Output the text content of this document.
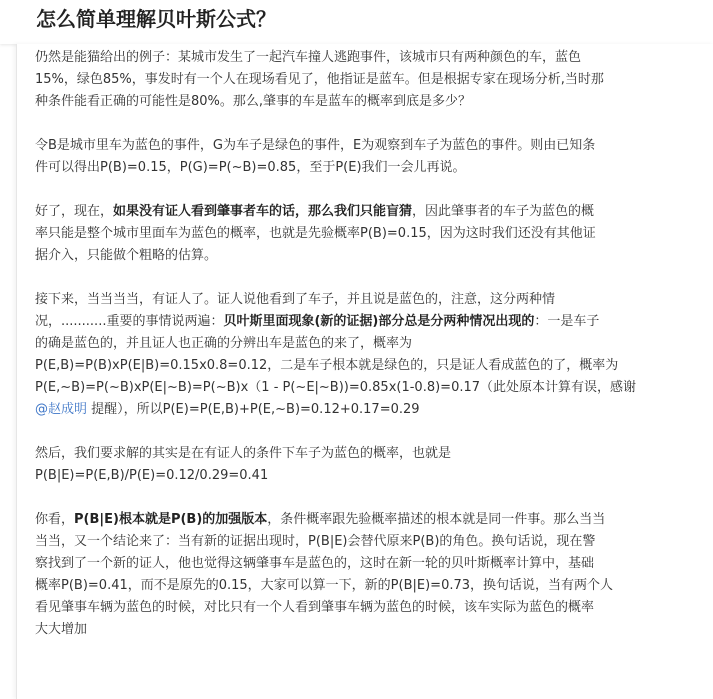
怎么简单理解贝叶斯公式？

仍然是能猫给出的例子：某城市发生了一起汽车撞人逃跑事件，该城市只有两种颜色的车，蓝色
15%，绿色85%，事发时有一个人在现场看见了，他指证是蓝车。但是根据专家在现场分析,当时那
种条件能看正确的可能性是80%。那么,肇事的车是蓝车的概率到底是多少？

令B是城市里车为蓝色的事件，G为车子是绿色的事件，E为观察到车子为蓝色的事件。则由已知条
件可以得出P(B)=0.15，P(G)=P(~B)=0.85，至于P(E)我们一会儿再说。

好了，现在，如果没有证人看到肇事者车的话，那么我们只能盲猜，因此肇事者的车子为蓝色的概
率只能是整个城市里面车为蓝色的概率，也就是先验概率P(B)=0.15，因为这时我们还没有其他证
据介入，只能做个粗略的估算。

接下来，当当当当，有证人了。证人说他看到了车子，并且说是蓝色的，注意，这分两种情
况，...........重要的事情说两遍：贝叶斯里面现象(新的证据)部分总是分两种情况出现的：一是车子
的确是蓝色的，并且证人也正确的分辨出车是蓝色的来了，概率为
P(E,B)=P(B)xP(E|B)=0.15x0.8=0.12，二是车子根本就是绿色的，只是证人看成蓝色的了，概率为
P(E,~B)=P(~B)xP(E|~B)=P(~B)x（1 - P(~E|~B))=0.85x(1-0.8)=0.17（此处原本计算有误，感谢
@赵成明 提醒），所以P(E)=P(E,B)+P(E,~B)=0.12+0.17=0.29

然后，我们要求解的其实是在有证人的条件下车子为蓝色的概率，也就是
P(B|E)=P(E,B)/P(E)=0.12/0.29=0.41

你看，P(B|E)根本就是P(B)的加强版本，条件概率跟先验概率描述的根本就是同一件事。那么当当
当当，又一个结论来了：当有新的证据出现时，P(B|E)会替代原来P(B)的角色。换句话说，现在警
察找到了一个新的证人，他也觉得这辆肇事车是蓝色的，这时在新一轮的贝叶斯概率计算中，基础
概率P(B)=0.41，而不是原先的0.15，大家可以算一下，新的P(B|E)=0.73，换句话说，当有两个人
看见肇事车辆为蓝色的时候，对比只有一个人看到肇事车辆为蓝色的时候，该车实际为蓝色的概率
大大增加
